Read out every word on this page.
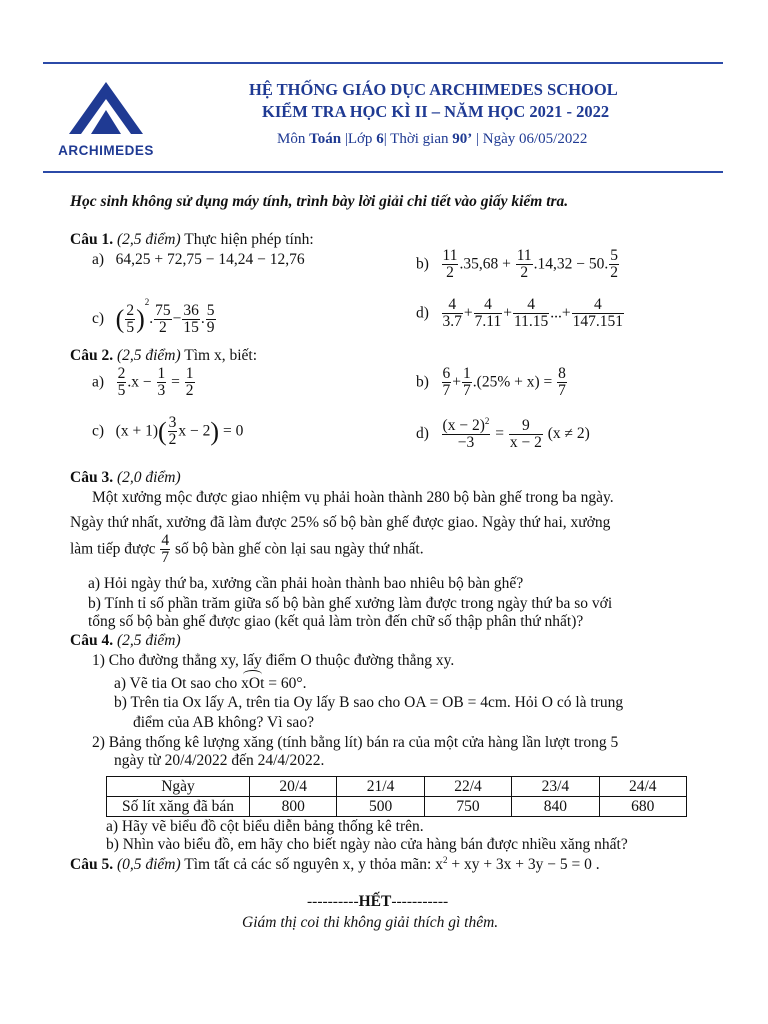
ARCHIMEDES
HỆ THỐNG GIÁO DỤC ARCHIMEDES SCHOOL
KIỂM TRA HỌC KÌ II – NĂM HỌC 2021 - 2022
Môn Toán |Lớp 6| Thời gian 90’ | Ngày 06/05/2022
Học sinh không sử dụng máy tính, trình bày lời giải chi tiết vào giấy kiểm tra.
Câu 1. (2,5 điểm) Thực hiện phép tính:
a)   64,25 + 72,75 − 14,24 − 12,76	$b) \frac{11}{2} .35,68 + \frac{11}{2} .14,32 - 50$. $\frac{5}{2}$
c)   ( $\frac{2}{5} )^2$. $\frac{75}{2} - \frac{36}{15}$ . $\frac{5}{9}$	$d) \frac{4}{3.7} + \frac{4}{7.11} + \frac{4}{11.15}$ ...+ $\frac{4}{147.151}$
Câu 2. (2,5 điểm) Tìm x, biết:
$a) \frac{2}{5} .x - \frac{1}{3} = \frac{1}{2}$	$b) \frac{6}{7} + \frac{1}{7} .(25\% + x) = \frac{8}{7}$
c)   $(x + 1)( \frac{3}{2}$ x − 2) = 0	$d) \frac{(x - 2)^2}{-3} = \frac{9}{x - 2} (x \ne 2)$
Câu 3. (2,0 điểm)
Một xưởng mộc được giao nhiệm vụ phải hoàn thành 280 bộ bàn ghế trong ba ngày.
Ngày thứ nhất, xưởng đã làm được 25% số bộ bàn ghế được giao. Ngày thứ hai, xưởng
làm tiếp được $\frac{4}{7}$ số bộ bàn ghế còn lại sau ngày thứ nhất.
a) Hỏi ngày thứ ba, xưởng cần phải hoàn thành bao nhiêu bộ bàn ghế?
b) Tính tỉ số phần trăm giữa số bộ bàn ghế xưởng làm được trong ngày thứ ba so với
tổng số bộ bàn ghế được giao (kết quả làm tròn đến chữ số thập phân thứ nhất)?
Câu 4. (2,5 điểm)
1) Cho đường thẳng xy, lấy điểm O thuộc đường thẳng xy.
a) Vẽ tia Ot sao cho xOt = 60°.
b) Trên tia Ox lấy A, trên tia Oy lấy B sao cho OA = OB = 4cm. Hỏi O có là trung
điểm của AB không? Vì sao?
2) Bảng thống kê lượng xăng (tính bằng lít) bán ra của một cửa hàng lần lượt trong 5
ngày từ 20/4/2022 đến 24/4/2022.
Ngày	20/4	21/4	22/4	23/4	24/4
Số lít xăng đã bán	800	500	750	840	680
a) Hãy vẽ biểu đồ cột biểu diễn bảng thống kê trên.
b) Nhìn vào biểu đồ, em hãy cho biết ngày nào cửa hàng bán được nhiều xăng nhất?
Câu 5. (0,5 điểm) Tìm tất cả các số nguyên x, y thỏa mãn: $x^2$ + xy + 3x + 3y − 5 = 0 .
----------HẾT-----------
Giám thị coi thi không giải thích gì thêm.
